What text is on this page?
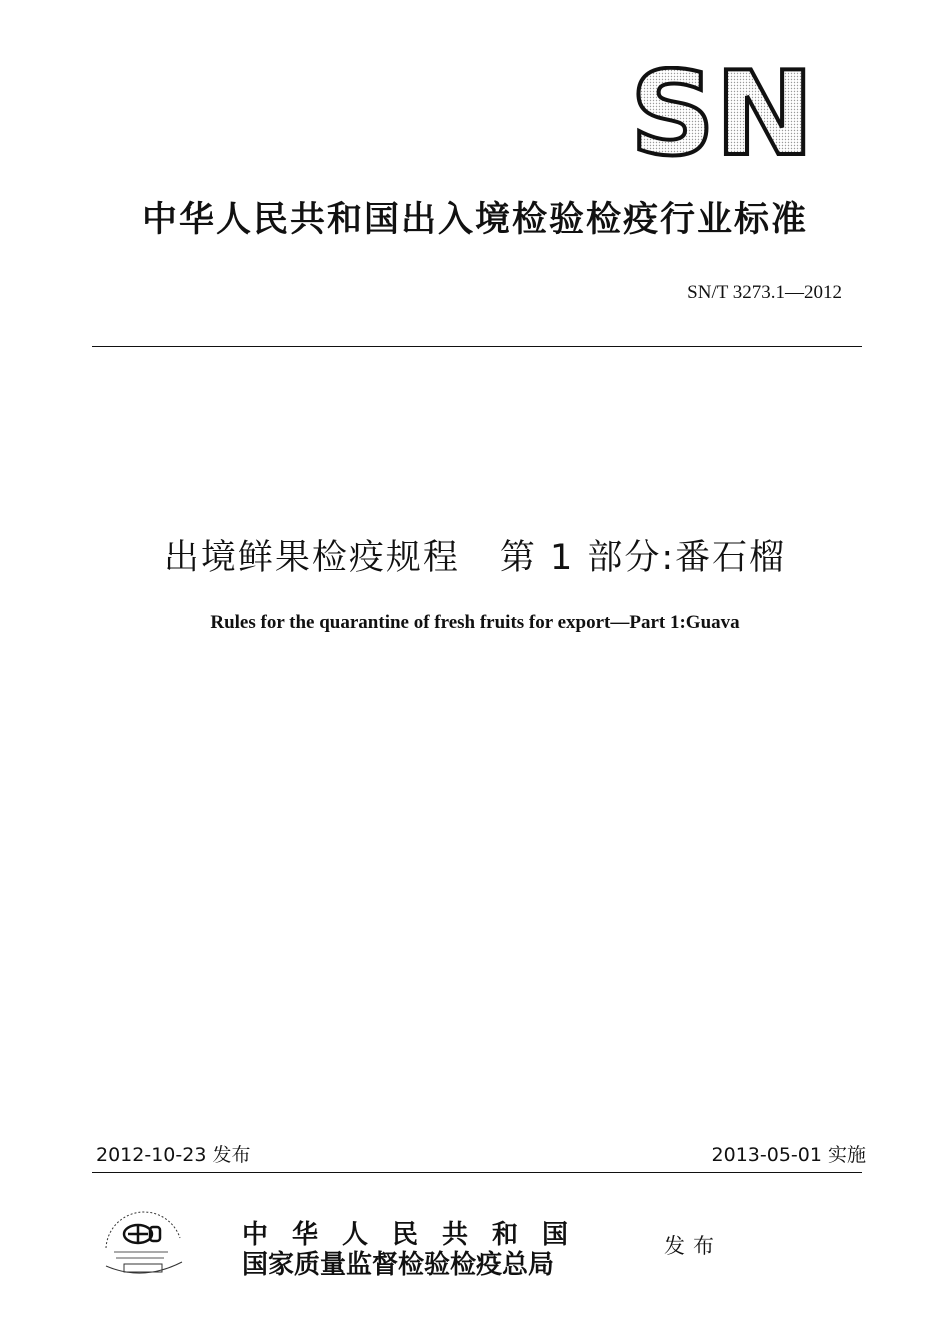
SN
中华人民共和国出入境检验检疫行业标准
SN/T 3273.1—2012
出境鲜果检疫规程 第 1 部分:番石榴
Rules for the quarantine of fresh fruits for export—Part 1:Guava
2012-10-23 发布	2013-05-01 实施
中华人民共和国
国家质量监督检验检疫总局
发布
